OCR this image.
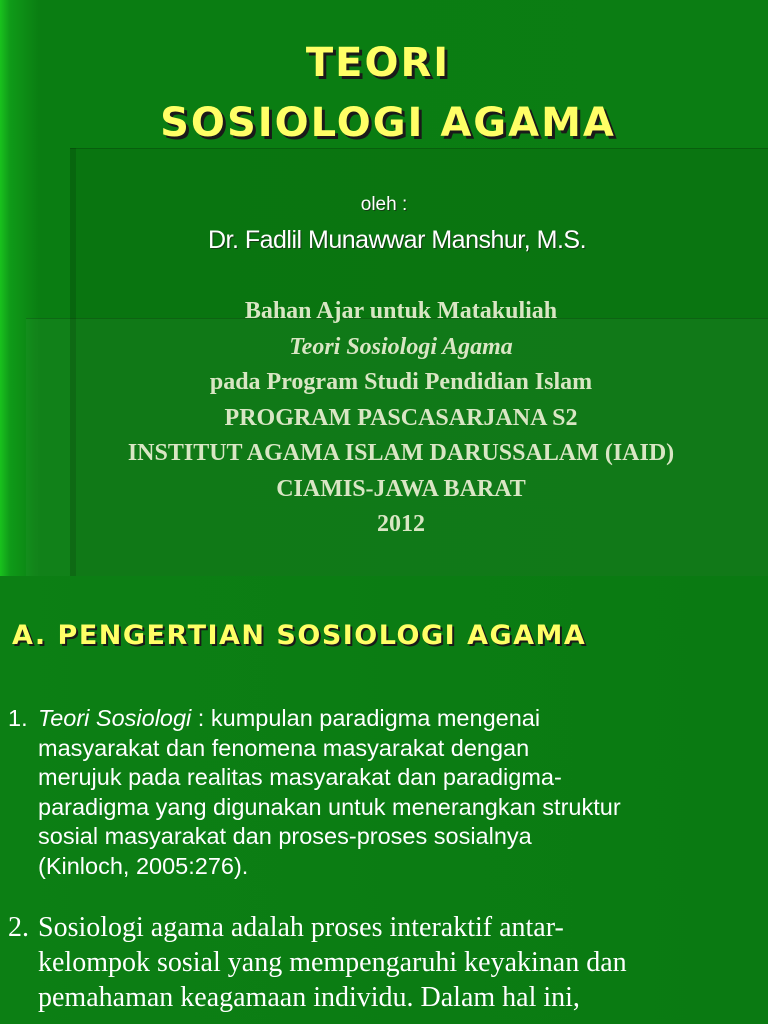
TEORI
SOSIOLOGI AGAMA
oleh :
Dr. Fadlil Munawwar Manshur, M.S.
Bahan Ajar untuk Matakuliah
Teori Sosiologi Agama
pada Program Studi Pendidian Islam
PROGRAM PASCASARJANA S2
INSTITUT AGAMA ISLAM DARUSSALAM (IAID)
CIAMIS-JAWA BARAT
2012
A. PENGERTIAN SOSIOLOGI AGAMA
1. Teori Sosiologi : kumpulan paradigma mengenai
masyarakat dan fenomena masyarakat dengan
merujuk pada realitas masyarakat dan paradigma-
paradigma yang digunakan untuk menerangkan struktur
sosial masyarakat dan proses-proses sosialnya
(Kinloch, 2005:276).
2. Sosiologi agama adalah proses interaktif antar-
kelompok sosial yang mempengaruhi keyakinan dan
pemahaman keagamaan individu. Dalam hal ini,
